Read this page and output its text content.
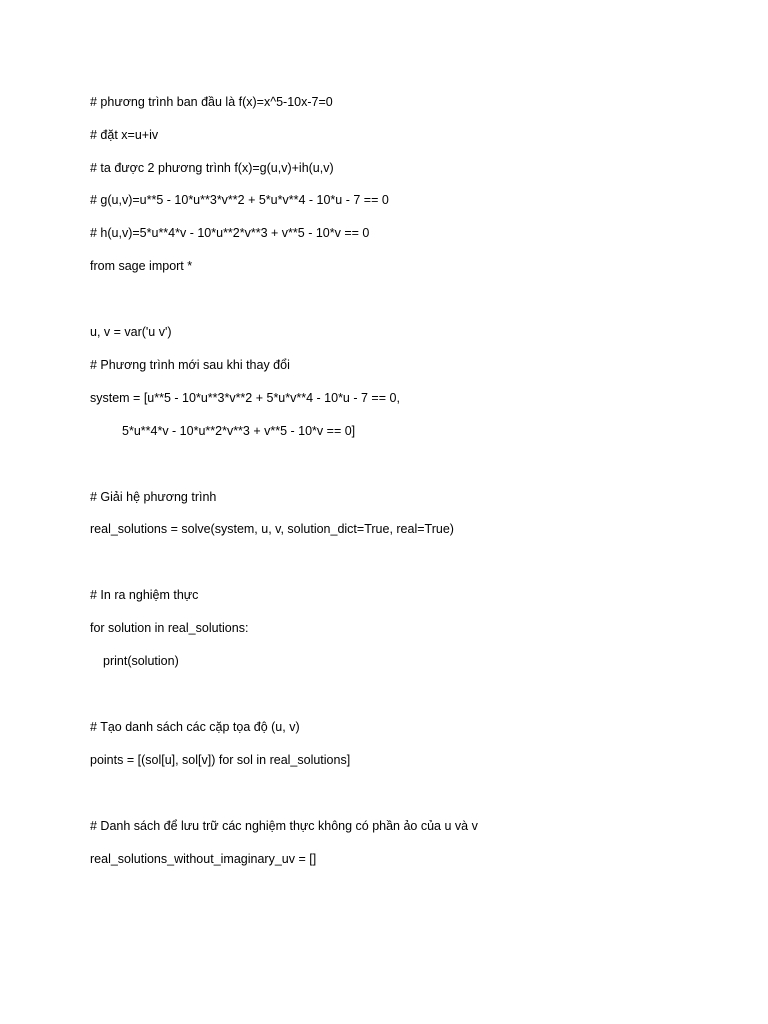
# phương trình ban đầu là f(x)=x^5-10x-7=0

# đặt x=u+iv

# ta được 2 phương trình f(x)=g(u,v)+ih(u,v)

# g(u,v)=u**5 - 10*u**3*v**2 + 5*u*v**4 - 10*u - 7 == 0

# h(u,v)=5*u**4*v - 10*u**2*v**3 + v**5 - 10*v == 0

from sage import *

u, v = var('u v')

# Phương trình mới sau khi thay đổi

system = [u**5 - 10*u**3*v**2 + 5*u*v**4 - 10*u - 7 == 0,

5*u**4*v - 10*u**2*v**3 + v**5 - 10*v == 0]

# Giải hệ phương trình

real_solutions = solve(system, u, v, solution_dict=True, real=True)

# In ra nghiệm thực

for solution in real_solutions:

print(solution)

# Tạo danh sách các cặp tọa độ (u, v)

points = [(sol[u], sol[v]) for sol in real_solutions]

# Danh sách để lưu trữ các nghiệm thực không có phần ảo của u và v

real_solutions_without_imaginary_uv = []
